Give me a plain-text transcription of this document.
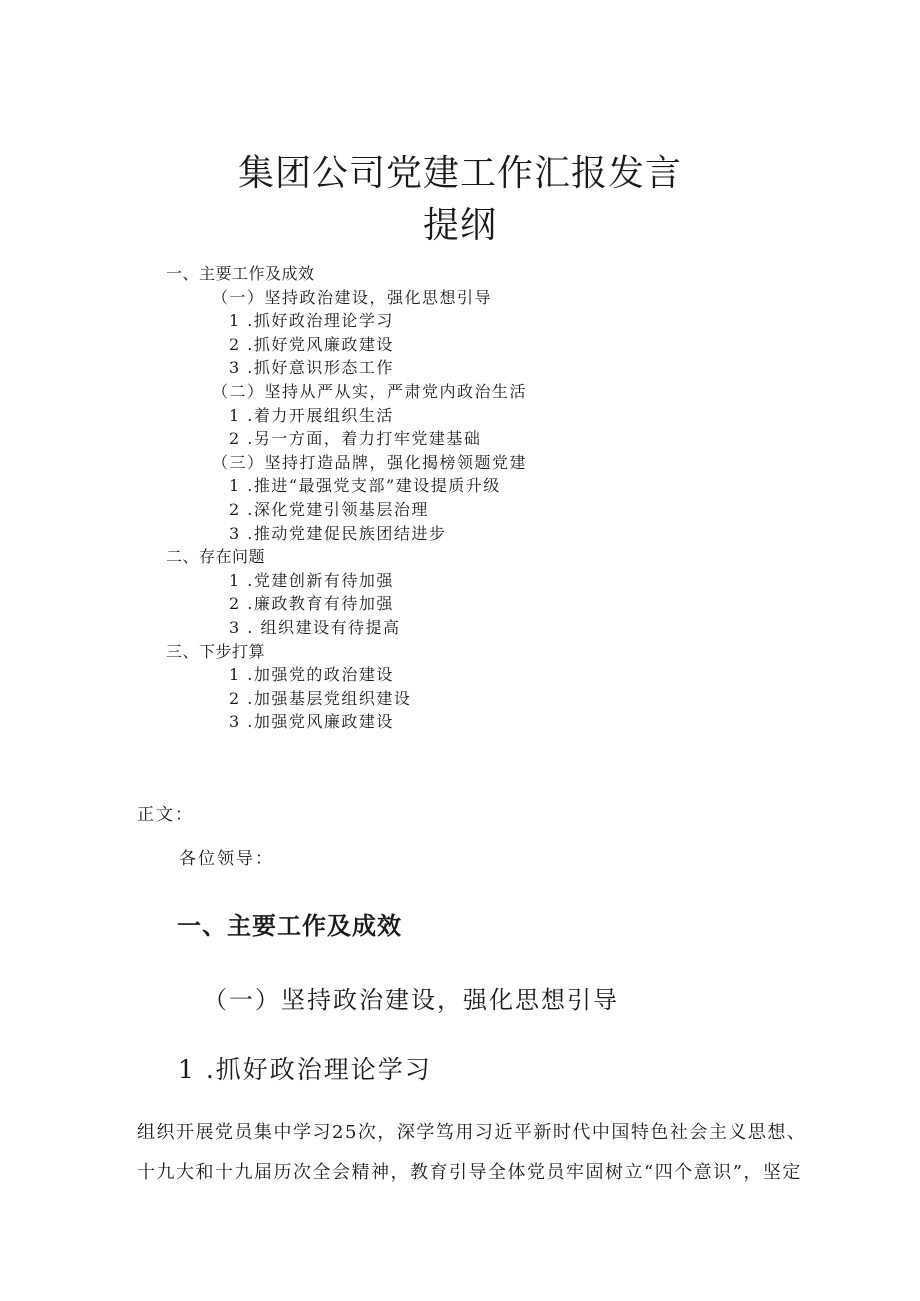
集团公司党建工作汇报发言
提纲
一、主要工作及成效
（一）坚持政治建设，强化思想引导
1 .抓好政治理论学习
2 .抓好党风廉政建设
3 .抓好意识形态工作
（二）坚持从严从实，严肃党内政治生活
1 .着力开展组织生活
2 .另一方面，着力打牢党建基础
（三）坚持打造品牌，强化揭榜领题党建
1 .推进“最强党支部”建设提质升级
2 .深化党建引领基层治理
3 .推动党建促民族团结进步
二、存在问题
1 .党建创新有待加强
2 .廉政教育有待加强
3 . 组织建设有待提高
三、下步打算
1 .加强党的政治建设
2 .加强基层党组织建设
3 .加强党风廉政建设
正文：
各位领导：
一、主要工作及成效
（一）坚持政治建设，强化思想引导
1 .抓好政治理论学习
组织开展党员集中学习25次，深学笃用习近平新时代中国特色社会主义思想、
十九大和十九届历次全会精神，教育引导全体党员牢固树立“四个意识”，坚定
